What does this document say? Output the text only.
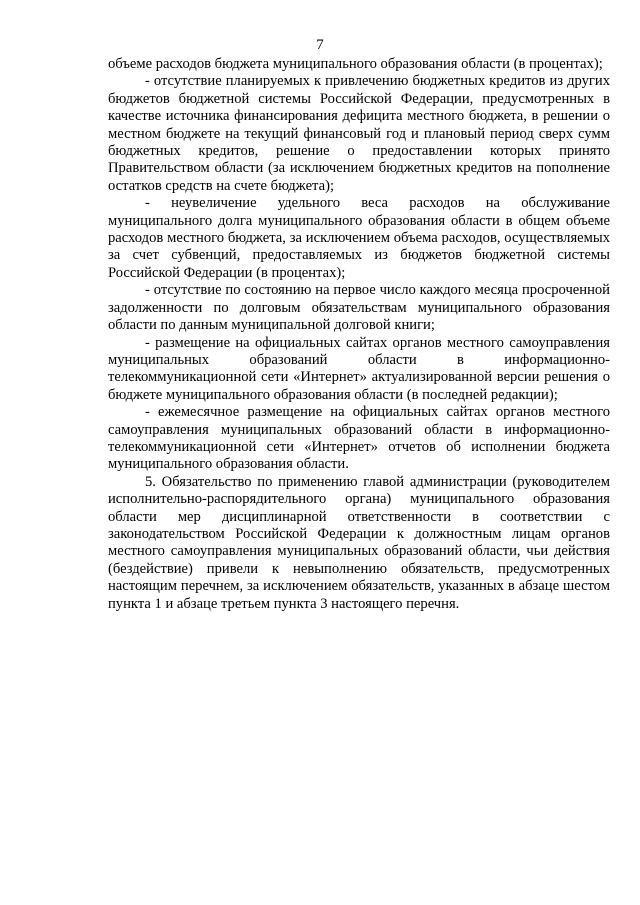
7

объеме расходов бюджета муниципального образования области (в процентах);

- отсутствие планируемых к привлечению бюджетных кредитов из других бюджетов бюджетной системы Российской Федерации, предусмотренных в качестве источника финансирования дефицита местного бюджета, в решении о местном бюджете на текущий финансовый год и плановый период сверх сумм бюджетных кредитов, решение о предоставлении которых принято Правительством области (за исключением бюджетных кредитов на пополнение остатков средств на счете бюджета);

- неувеличение удельного веса расходов на обслуживание муниципального долга муниципального образования области в общем объеме расходов местного бюджета, за исключением объема расходов, осуществляемых за счет субвенций, предоставляемых из бюджетов бюджетной системы Российской Федерации (в процентах);

- отсутствие по состоянию на первое число каждого месяца просроченной задолженности по долговым обязательствам муниципального образования области по данным муниципальной долговой книги;

- размещение на официальных сайтах органов местного самоуправления муниципальных образований области в информационно-телекоммуникационной сети «Интернет» актуализированной версии решения о бюджете муниципального образования области (в последней редакции);

- ежемесячное размещение на официальных сайтах органов местного самоуправления муниципальных образований области в информационно-телекоммуникационной сети «Интернет» отчетов об исполнении бюджета муниципального образования области.

5. Обязательство по применению главой администрации (руководителем исполнительно-распорядительного органа) муниципального образования области мер дисциплинарной ответственности в соответствии с законодательством Российской Федерации к должностным лицам органов местного самоуправления муниципальных образований области, чьи действия (бездействие) привели к невыполнению обязательств, предусмотренных настоящим перечнем, за исключением обязательств, указанных в абзаце шестом пункта 1 и абзаце третьем пункта 3 настоящего перечня.
